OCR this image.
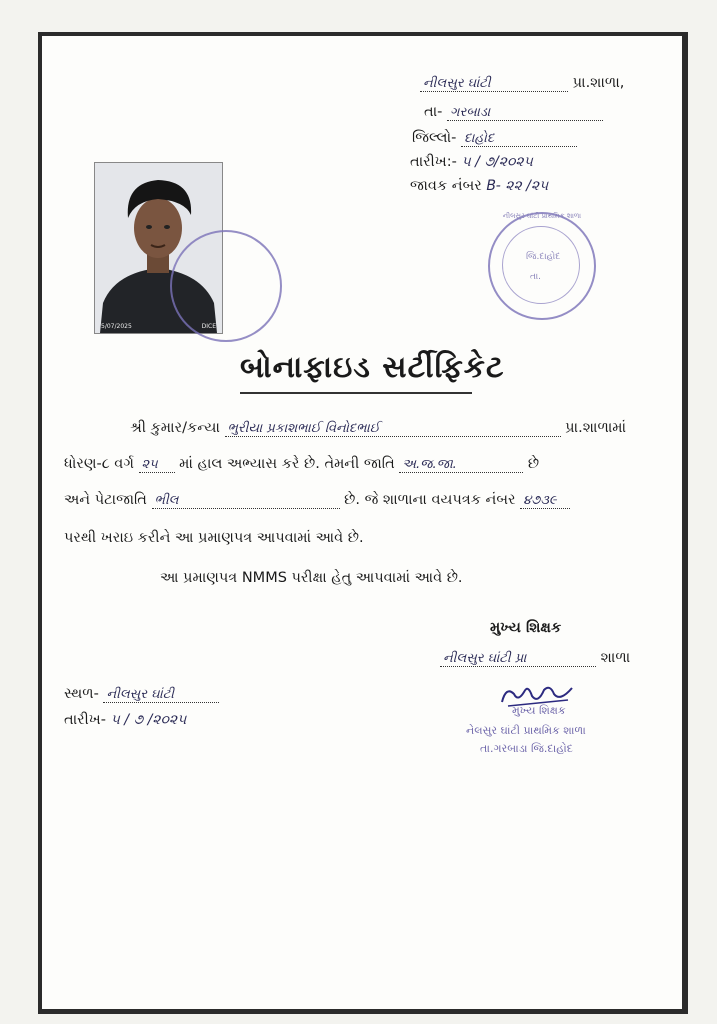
નીલસુર ઘાંટી	પ્રા.શાળા,
તા- ગરબાડા
જિલ્લો- દાહોદ
તારીખ:- ૫ / ૭/૨૦૨૫
જાવક નંબર B- ૨૨ /૨૫
5/07/2025	DICE
જિ.દાહોદ
તા.
નીલસુર ઘાંટી પ્રાથમિક શાળા
બોનાફાઇડ સર્ટીફિકેટ
શ્રી કુમાર/કન્યા ભુરીયા પ્રકાશભાઈ વિનોદભાઈ	પ્રા.શાળામાં
ધોરણ-૮ વર્ગ ૨૫ માં હાલ અભ્યાસ કરે છે. તેમની જાતિ અ.જ.જા.	છે
અને પેટાજાતિ ભીલ	છે. જે શાળાના વયપત્રક નંબર ૪૭૩૯
પરથી ખરાઇ કરીને આ પ્રમાણપત્ર આપવામાં આવે છે.
આ પ્રમાણપત્ર NMMS પરીક્ષા હેતુ આપવામાં આવે છે.
મુખ્ય શિક્ષક
નીલસુર ઘાંટી પ્રા	શાળા
મુખ્ય શિક્ષક
નેલસુર ઘાંટી પ્રાથમિક શાળા
તા.ગરબાડા જિ.દાહોદ
સ્થળ- નીલસુર ઘાંટી
તારીખ- ૫ / ૭ /૨૦૨૫
